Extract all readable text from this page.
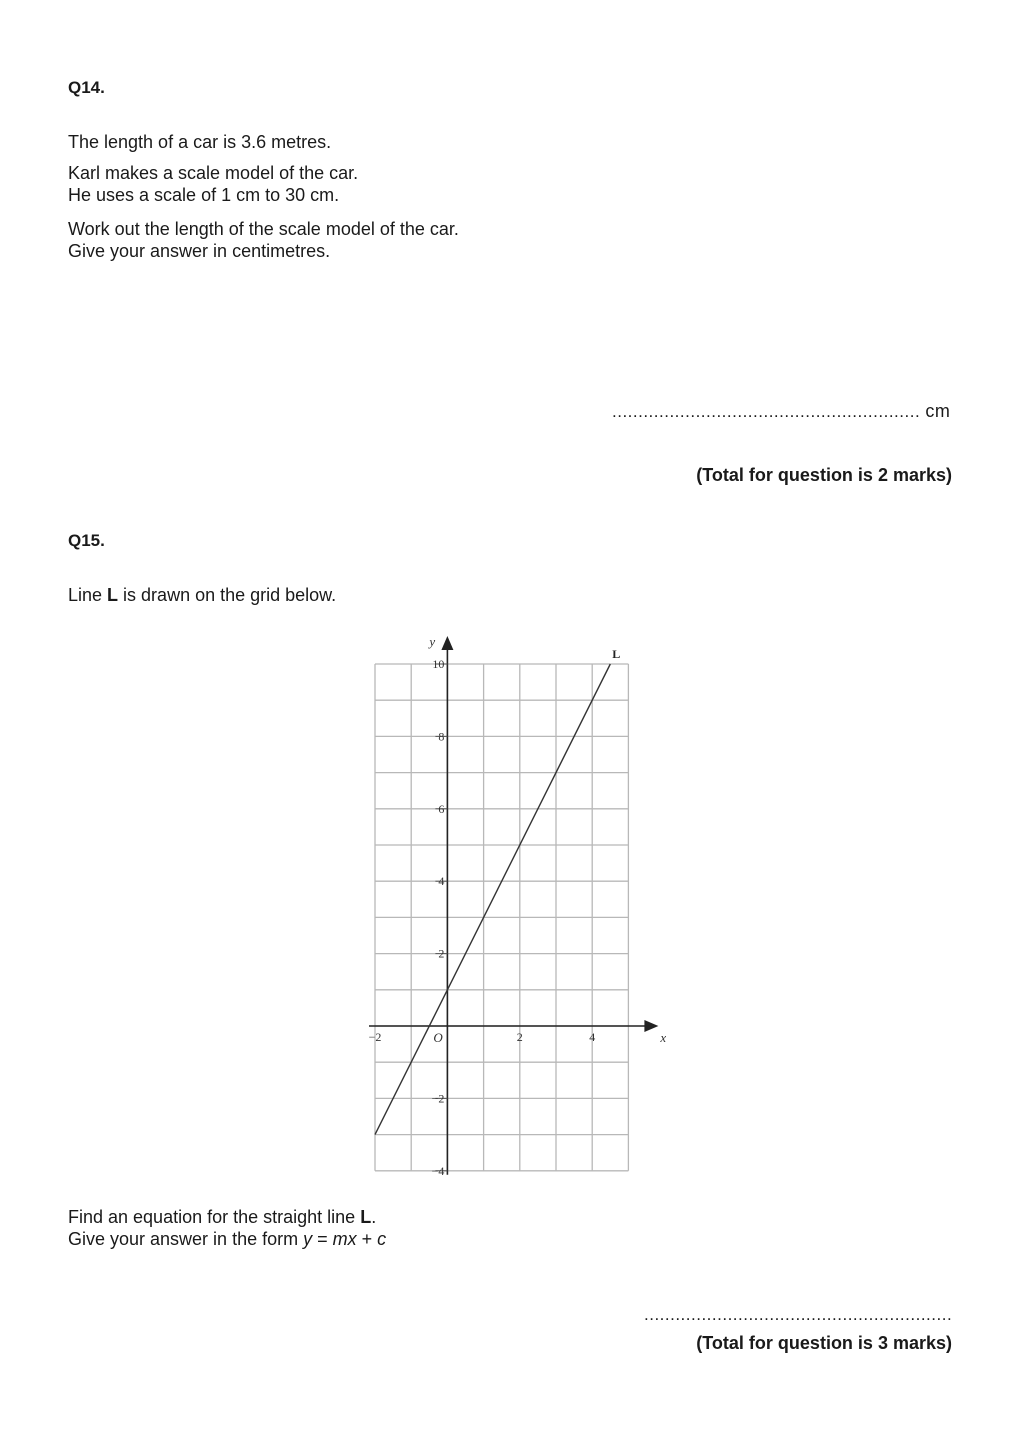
Q14.
The length of a car is 3.6 metres.
Karl makes a scale model of the car.
He uses a scale of 1 cm to 30 cm.
Work out the length of the scale model of the car.
Give your answer in centimetres.
........................................................... cm
(Total for question is 2 marks)
Q15.
Line L is drawn on the grid below.
10
8
6
4
2
−2
−4
−2	2	4
O	x
y
L
Find an equation for the straight line L.
Give your answer in the form y = mx + c
...........................................................
(Total for question is 3 marks)
